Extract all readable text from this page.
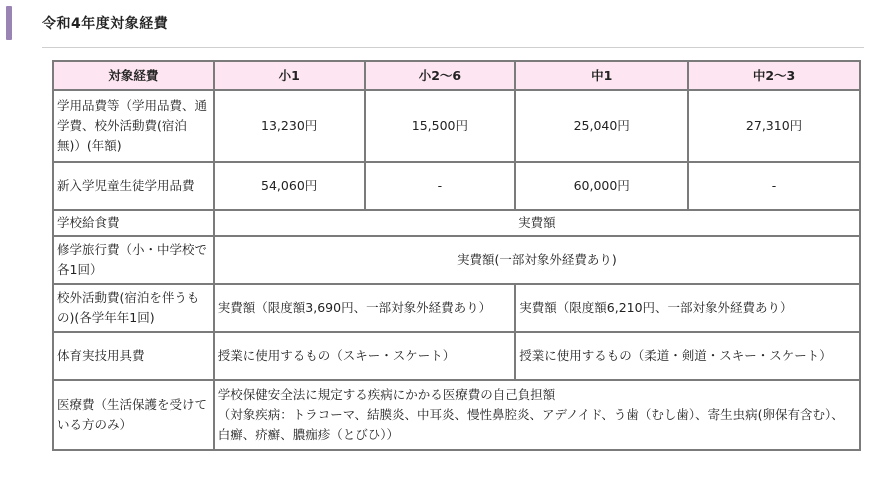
令和4年度対象経費
対象経費	小1	小2～6	中1	中2～3
学用品費等（学用品費、通学費、校外活動費(宿泊無)）(年額)	13,230円	15,500円	25,040円	27,310円
新入学児童生徒学用品費	54,060円	-	60,000円	-
学校給食費	実費額			
修学旅行費（小・中学校で各1回）	実費額(一部対象外経費あり)			
校外活動費(宿泊を伴うもの)(各学年年1回)	実費額（限度額3,690円、一部対象外経費あり）		実費額（限度額6,210円、一部対象外経費あり）	
体育実技用具費	授業に使用するもの（スキー・スケート）		授業に使用するもの（柔道・剣道・スキー・スケート）	
医療費（生活保護を受けている方のみ）	学校保健安全法に規定する疾病にかかる医療費の自己負担額
（対象疾病：トラコーマ、結膜炎、中耳炎、慢性鼻腔炎、アデノイド、う歯（むし歯）、寄生虫病(卵保有含む）、白癬、疥癬、膿痂疹（とびひ））			
